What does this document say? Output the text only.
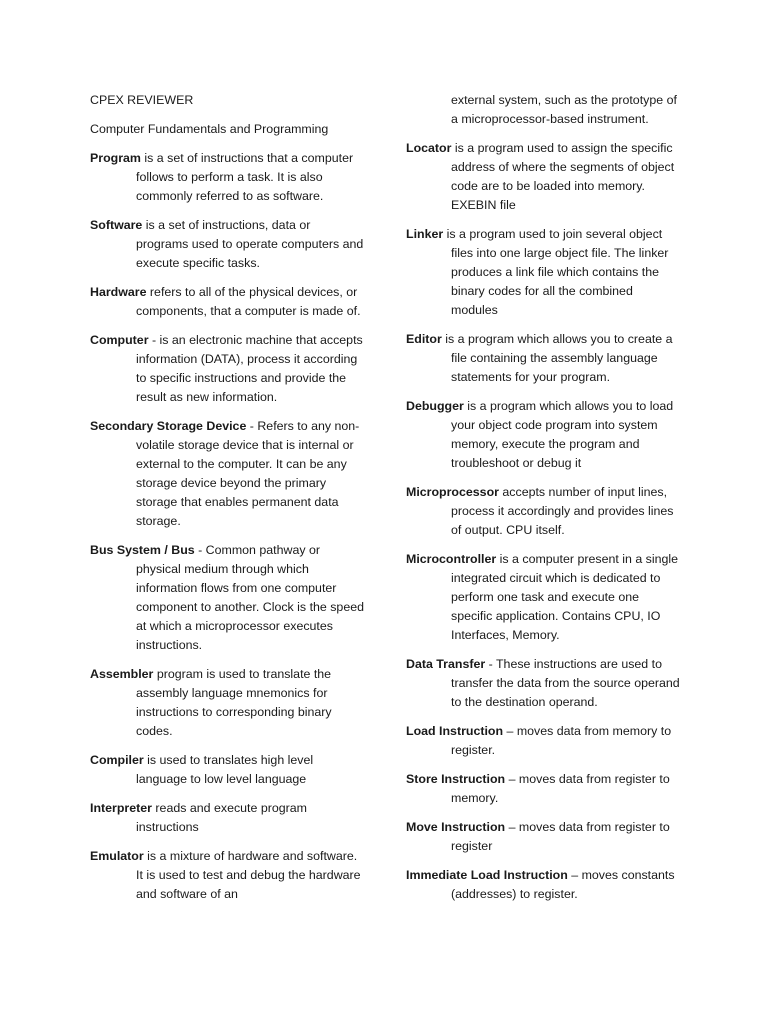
CPEX REVIEWER

Computer Fundamentals and Programming

Program is a set of instructions that a computer follows to perform a task. It is also commonly referred to as software.

Software is a set of instructions, data or programs used to operate computers and execute specific tasks.

Hardware refers to all of the physical devices, or components, that a computer is made of.

Computer - is an electronic machine that accepts information (DATA), process it according to specific instructions and provide the result as new information.

Secondary Storage Device - Refers to any non-volatile storage device that is internal or external to the computer. It can be any storage device beyond the primary storage that enables permanent data storage.

Bus System / Bus - Common pathway or physical medium through which information flows from one computer component to another. Clock is the speed at which a microprocessor executes instructions.

Assembler program is used to translate the assembly language mnemonics for instructions to corresponding binary codes.

Compiler is used to translates high level language to low level language

Interpreter reads and execute program instructions

Emulator is a mixture of hardware and software. It is used to test and debug the hardware and software of an

external system, such as the prototype of a microprocessor-based instrument.

Locator is a program used to assign the specific address of where the segments of object code are to be loaded into memory. EXEBIN file

Linker is a program used to join several object files into one large object file. The linker produces a link file which contains the binary codes for all the combined modules

Editor is a program which allows you to create a file containing the assembly language statements for your program.

Debugger is a program which allows you to load your object code program into system memory, execute the program and troubleshoot or debug it

Microprocessor accepts number of input lines, process it accordingly and provides lines of output. CPU itself.

Microcontroller is a computer present in a single integrated circuit which is dedicated to perform one task and execute one specific application. Contains CPU, IO Interfaces, Memory.

Data Transfer - These instructions are used to transfer the data from the source operand to the destination operand.

Load Instruction – moves data from memory to register.

Store Instruction – moves data from register to memory.

Move Instruction – moves data from register to register

Immediate Load Instruction – moves constants (addresses) to register.
